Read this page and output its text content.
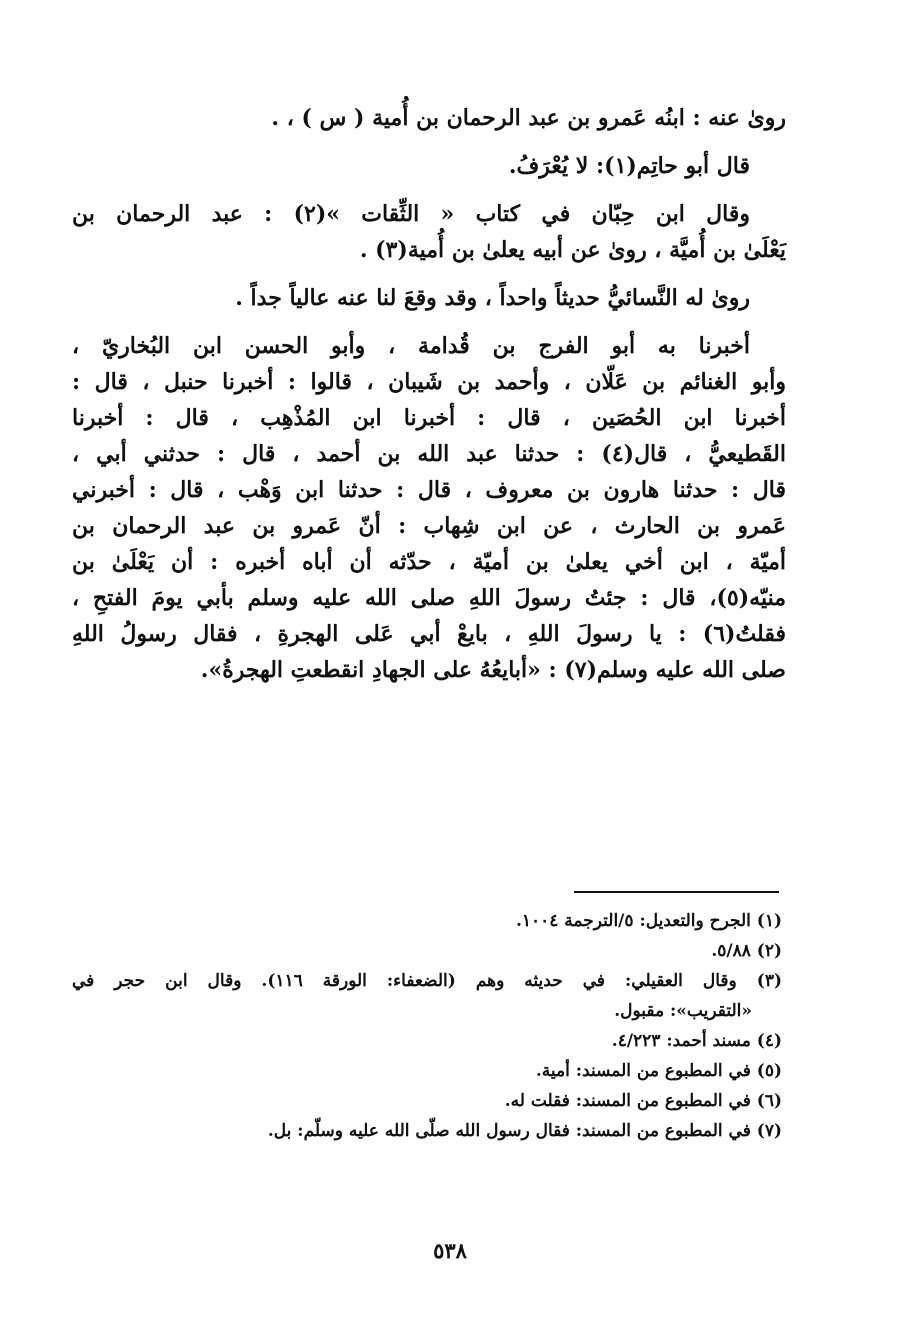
روىٰ عنه : ابنُه عَمرو بن عبد الرحمان بن أُمية ( س ) ، .
قال أبو حاتِم(١): لا يُعْرَفُ.
وقال ابن حِبّان في كتاب « الثِّقات »(٢) : عبد الرحمان بن
يَعْلَىٰ بن أُميَّة ، روىٰ عن أبيه يعلىٰ بن أُمية(٣) .
روىٰ له النَّسائيُّ حديثاً واحداً ، وقد وقعَ لنا عنه عالياً جداً .
أخبرنا به أبو الفرج بن قُدامة ، وأبو الحسن ابن البُخاريّ ،
وأبو الغنائم بن عَلّان ، وأحمد بن شَيبان ، قالوا : أخبرنا حنبل ، قال :
أخبرنا ابن الحُصَين ، قال : أخبرنا ابن المُذْهِب ، قال : أخبرنا
القَطيعيُّ ، قال(٤) : حدثنا عبد الله بن أحمد ، قال : حدثني أبي ،
قال : حدثنا هارون بن معروف ، قال : حدثنا ابن وَهْب ، قال : أخبرني
عَمرو بن الحارث ، عن ابن شِهاب : أنّ عَمرو بن عبد الرحمان بن
أميّة ، ابن أخي يعلىٰ بن أميّة ، حدّثه أن أباه أخبره : أن يَعْلَىٰ بن
منيّه(٥)، قال : جئتُ رسولَ اللهِ صلى الله عليه وسلم بأبي يومَ الفتحِ ،
فقلتُ(٦) : يا رسولَ اللهِ ، بايعْ أبي عَلى الهجرةِ ، فقال رسولُ اللهِ
صلى الله عليه وسلم(٧) : «أبايعُهُ على الجهادِ انقطعتِ الهجرةُ».
(١) الجرح والتعديل: ٥/الترجمة ١٠٠٤.
(٢) ٥/٨٨.
(٣) وقال العقيلي: في حديثه وهم (الضعفاء: الورقة ١١٦). وقال ابن حجر في
«التقريب»: مقبول.
(٤) مسند أحمد: ٤/٢٢٣.
(٥) في المطبوع من المسند: أمية.
(٦) في المطبوع من المسند: فقلت له.
(٧) في المطبوع من المسند: فقال رسول الله صلّى الله عليه وسلّم: بل.
٥٣٨
